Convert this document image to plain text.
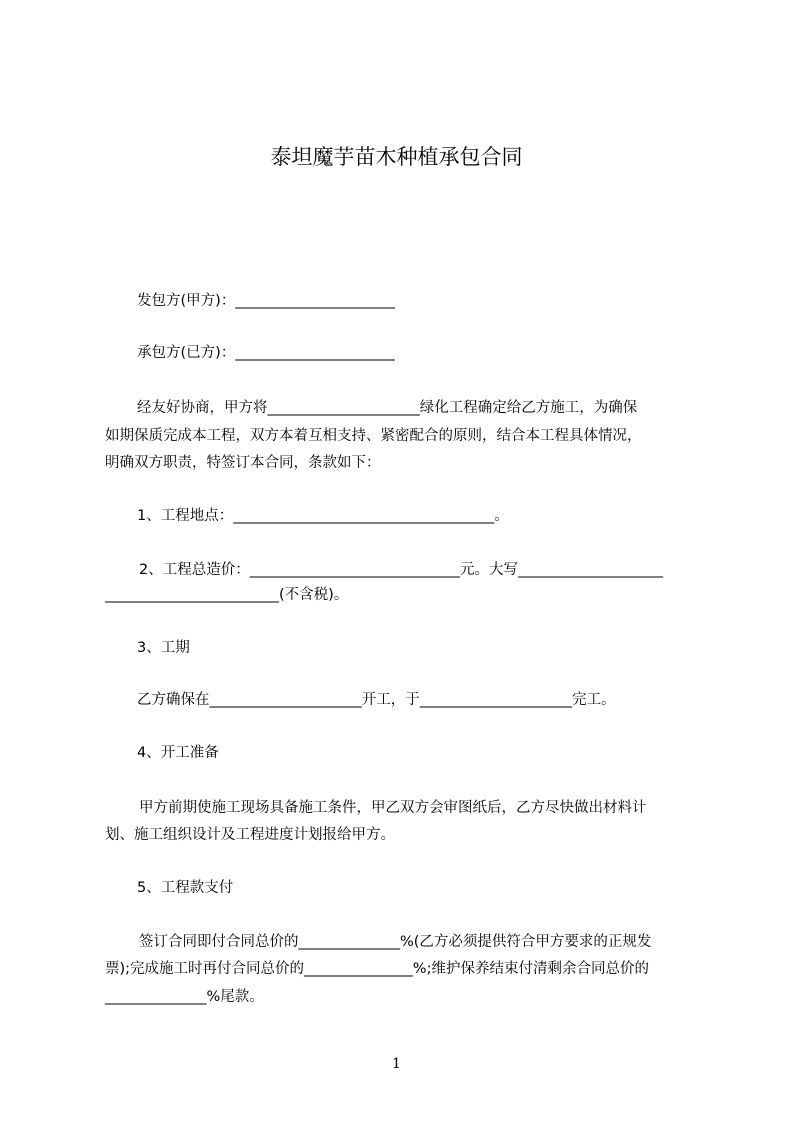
泰坦魔芋苗木种植承包合同
发包方(甲方)：______________________
承包方(已方)：______________________
经友好协商，甲方将_____________________绿化工程确定给乙方施工，为确保
如期保质完成本工程，双方本着互相支持、紧密配合的原则，结合本工程具体情况，
明确双方职责，特签订本合同，条款如下：
1、工程地点：____________________________________。
2、工程总造价：_____________________________元。大写____________________
________________________(不含税)。
3、工期
乙方确保在_____________________开工，于_____________________完工。
4、开工准备
甲方前期使施工现场具备施工条件，甲乙双方会审图纸后，乙方尽快做出材料计
划、施工组织设计及工程进度计划报给甲方。
5、工程款支付
签订合同即付合同总价的______________%(乙方必须提供符合甲方要求的正规发
票);完成施工时再付合同总价的_______________%;维护保养结束付清剩余合同总价的
______________%尾款。
1
